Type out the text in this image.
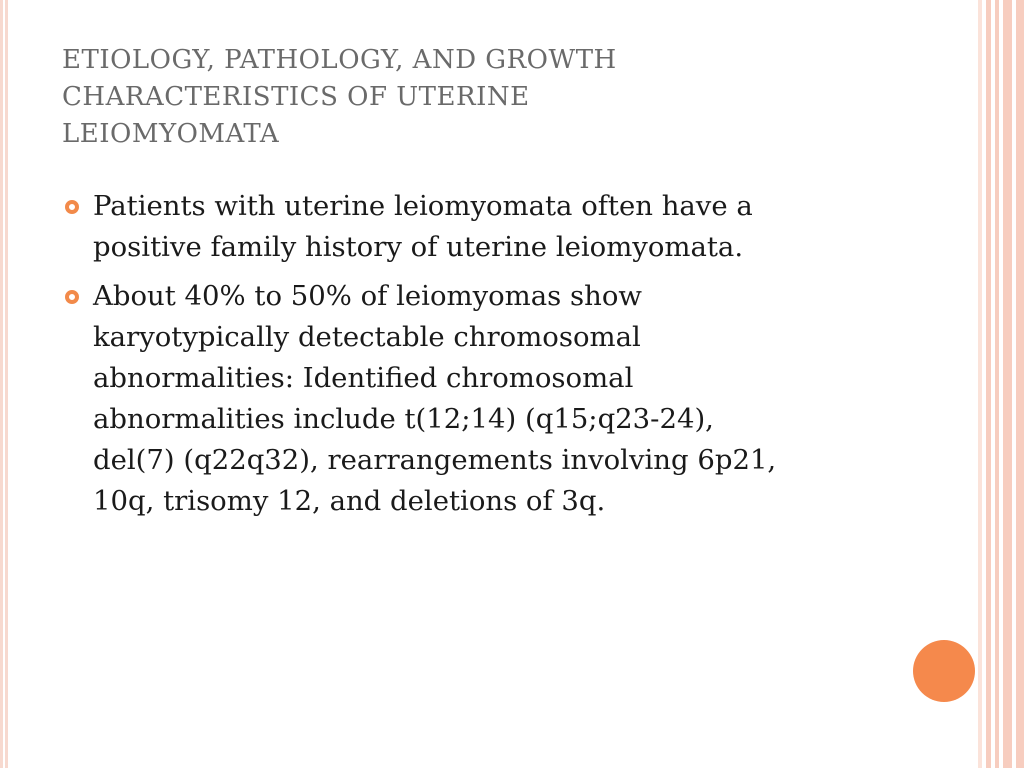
ETIOLOGY, PATHOLOGY, AND GROWTH
CHARACTERISTICS OF UTERINE
LEIOMYOMATA
Patients with uterine leiomyomata often have a
positive family history of uterine leiomyomata.
About 40% to 50% of leiomyomas show
karyotypically detectable chromosomal
abnormalities: Identified chromosomal
abnormalities include t(12;14) (q15;q23-24),
del(7) (q22q32), rearrangements involving 6p21,
10q, trisomy 12, and deletions of 3q.
